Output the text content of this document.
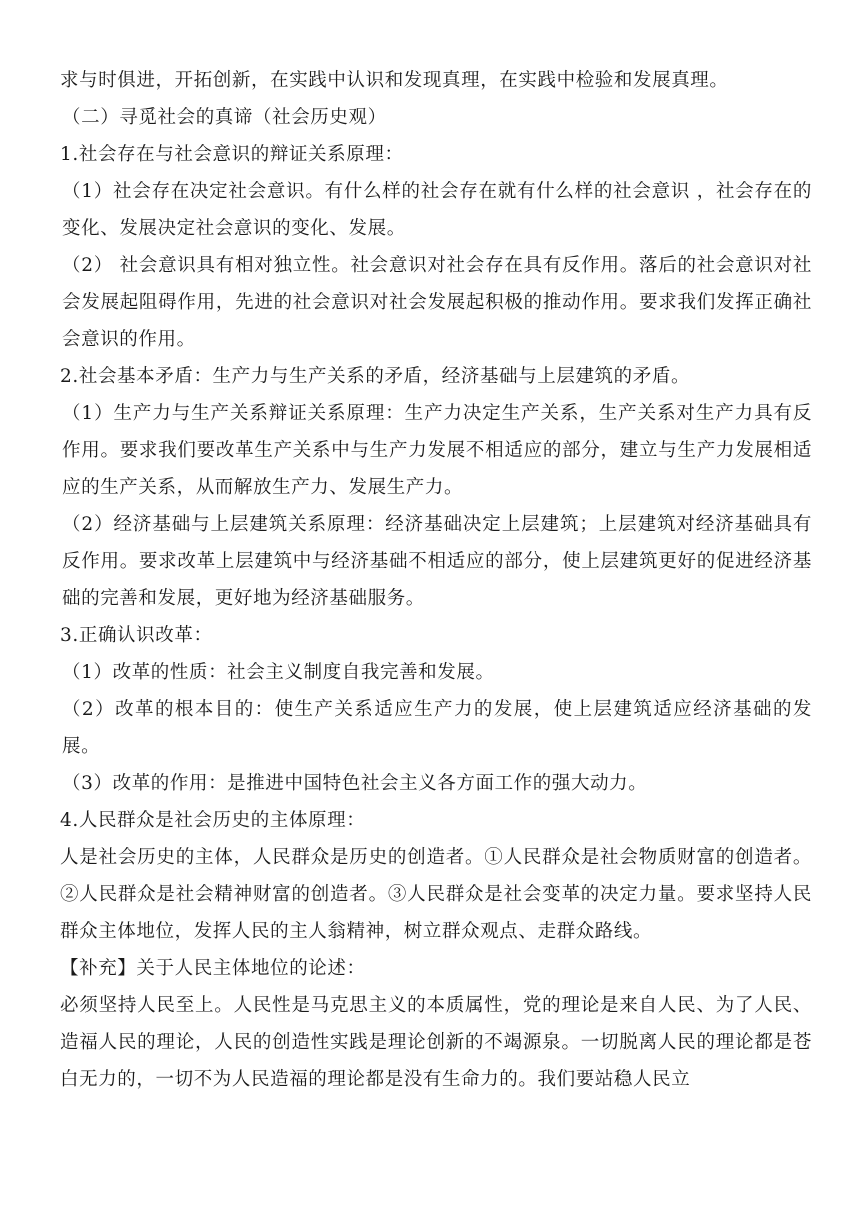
求与时俱进，开拓创新，在实践中认识和发现真理，在实践中检验和发展真理。

（二）寻觅社会的真谛（社会历史观）

1.社会存在与社会意识的辩证关系原理：

（1）社会存在决定社会意识。有什么样的社会存在就有什么样的社会意识 ，社会存在的变化、发展决定社会意识的变化、发展。

（2） 社会意识具有相对独立性。社会意识对社会存在具有反作用。落后的社会意识对社会发展起阻碍作用，先进的社会意识对社会发展起积极的推动作用。要求我们发挥正确社会意识的作用。

2.社会基本矛盾：生产力与生产关系的矛盾，经济基础与上层建筑的矛盾。

（1）生产力与生产关系辩证关系原理：生产力决定生产关系，生产关系对生产力具有反作用。要求我们要改革生产关系中与生产力发展不相适应的部分，建立与生产力发展相适应的生产关系，从而解放生产力、发展生产力。

（2）经济基础与上层建筑关系原理：经济基础决定上层建筑；上层建筑对经济基础具有反作用。要求改革上层建筑中与经济基础不相适应的部分，使上层建筑更好的促进经济基础的完善和发展，更好地为经济基础服务。

3.正确认识改革：

（1）改革的性质：社会主义制度自我完善和发展。

（2）改革的根本目的：使生产关系适应生产力的发展，使上层建筑适应经济基础的发展。

（3）改革的作用：是推进中国特色社会主义各方面工作的强大动力。

4.人民群众是社会历史的主体原理：

人是社会历史的主体，人民群众是历史的创造者。①人民群众是社会物质财富的创造者。②人民群众是社会精神财富的创造者。③人民群众是社会变革的决定力量。要求坚持人民群众主体地位，发挥人民的主人翁精神，树立群众观点、走群众路线。

【补充】关于人民主体地位的论述：

必须坚持人民至上。人民性是马克思主义的本质属性，党的理论是来自人民、为了人民、造福人民的理论，人民的创造性实践是理论创新的不竭源泉。一切脱离人民的理论都是苍白无力的，一切不为人民造福的理论都是没有生命力的。我们要站稳人民立
